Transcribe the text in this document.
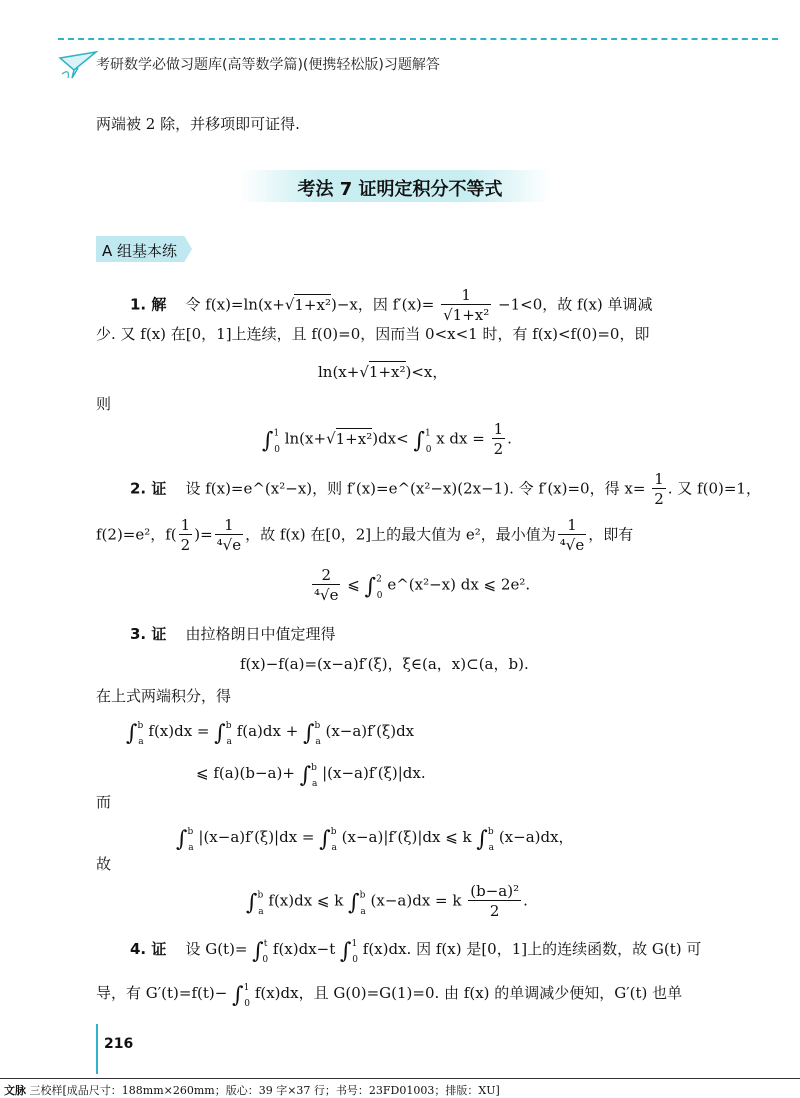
考研数学必做习题库(高等数学篇)(便携轻松版)习题解答
两端被 2 除，并移项即可证得.
考法 7 证明定积分不等式
A 组基本练
1. 解 令 f(x)=ln(x+√1+x²)−x，因 $f'(x)= \frac{1}{\text{√1+x²}} -1<0$，故 f(x) 单调减
少. 又 f(x) 在[0，1]上连续，且 f(0)=0，因而当 0<x<1 时，有 f(x)<f(0)=0，即
ln(x+√1+x²)<x，
则
∫$^1_0$ ln(x+√1+x²)dx< ∫$^1_0$ x dx = $\frac{1}{2}$ .
2. 证 设 f(x)=e^(x²−x)，则 f′(x)=e^(x²−x)(2x−1). 令 f′(x)=0，得 $x= \frac{1}{2}$ . 又 f(0)=1，
f(2)=e²，$f( \frac{1}{2}$ )= $\frac{1}{\text{⁴√e}}$ ，故 f(x) 在[0，2]上的最大值为 e²，最小值为 $\frac{1}{\text{⁴√e}}$ ，即有
$\frac{2}{\text{⁴√e}}$ ⩽ ∫$^2_0$ e^(x²−x) dx ⩽ 2e².
3. 证 由拉格朗日中值定理得
f(x)−f(a)=(x−a)f′(ξ)，ξ∈(a，x)⊂(a，b).
在上式两端积分，得
∫$^b_a$ f(x)dx = ∫$^b_a$ f(a)dx + ∫$^b_a$ (x−a)f′(ξ)dx
⩽ f(a)(b−a)+ ∫$^b_a$ |(x−a)f′(ξ)|dx.
而
∫$^b_a$ |(x−a)f′(ξ)|dx = ∫$^b_a$ (x−a)|f′(ξ)|dx ⩽ k ∫$^b_a$ (x−a)dx，
故
∫$^b_a$ f(x)dx ⩽ k ∫$^b_a$ (x−a)dx = k $\frac{\text{(b−a)²}}{2}$ .
4. 证 设 G(t)= ∫$^t_0$ f(x)dx−t ∫$^1_0$ f(x)dx. 因 f(x) 是[0，1]上的连续函数，故 G(t) 可
导，有 G′(t)=f(t)− ∫$^1_0$ f(x)dx，且 G(0)=G(1)=0. 由 f(x) 的单调减少便知，G′(t) 也单
216
文脉 三校样[成品尺寸：188mm×260mm；版心：39 字×37 行；书号：23FD01003；排版：XU]
